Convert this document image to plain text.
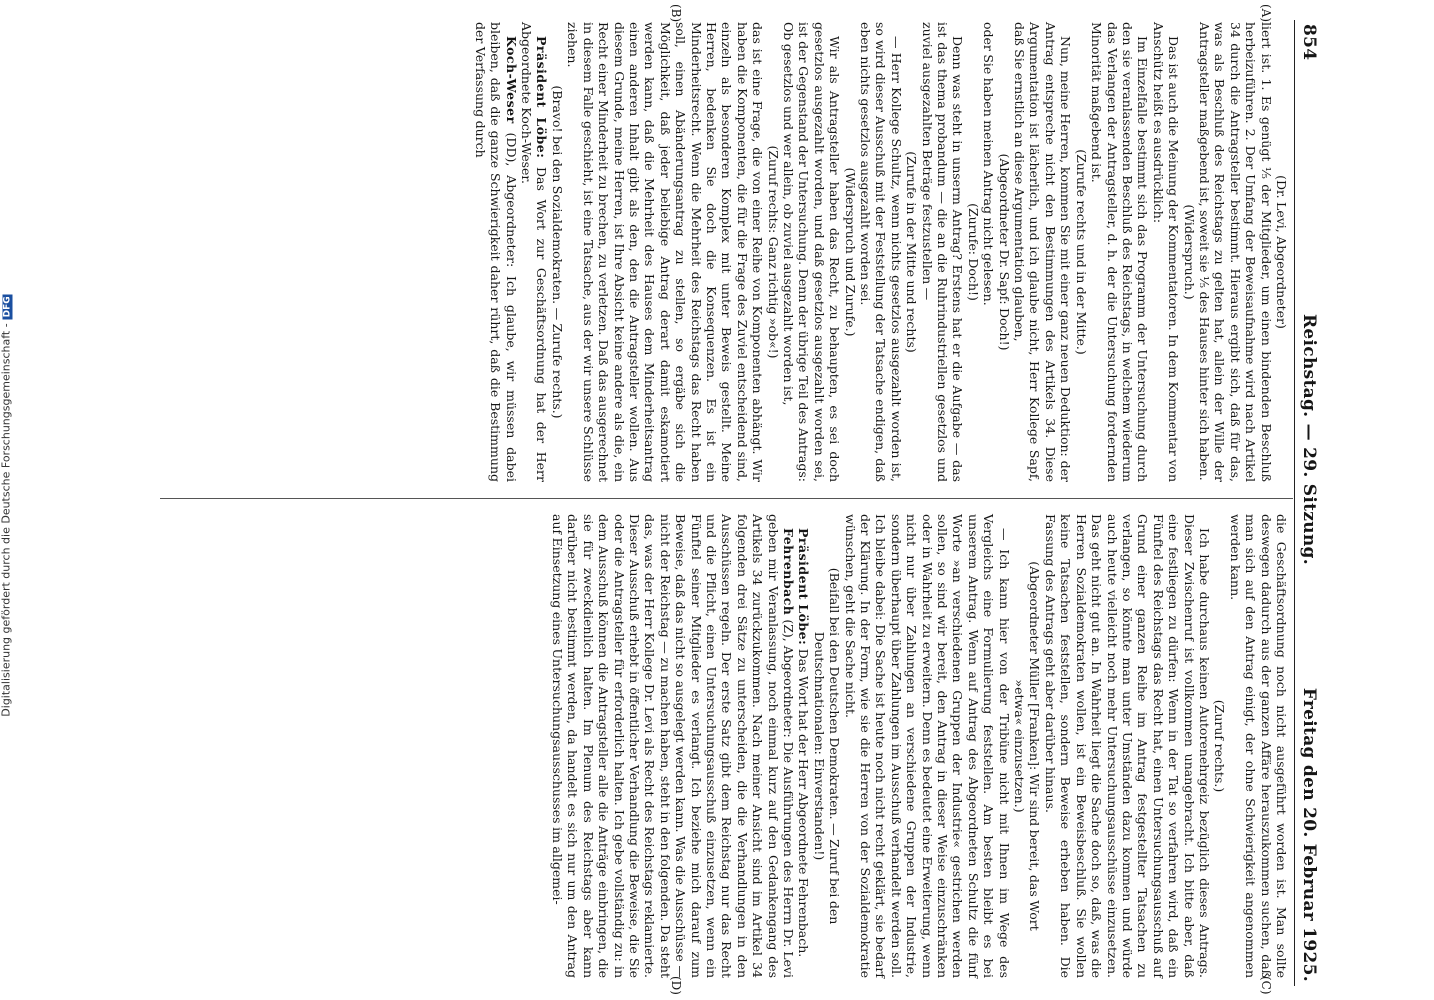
854
Reichstag. — 29. Sitzung.
Freitag den 20. Februar 1925.
(A)
(B)
(C)
(D)

(Dr. Levi, Abgeordneter)

liert ist. 1. Es genügt ⅕ der Mitglieder, um einen bindenden Beschluß herbeizuführen. 2. Der Umfang der Beweisaufnahme wird nach Artikel 34 durch die Antragsteller bestimmt. Hieraus ergibt sich, daß für das, was als Beschluß des Reichstags zu gelten hat, allein der Wille der Antragsteller maßgebend ist, soweit sie ⅕ des Hauses hinter sich haben.

(Widerspruch.)

Das ist auch die Meinung der Kommentatoren. In dem Kommentar von Anschütz heißt es ausdrücklich:

Im Einzelfalle bestimmt sich das Programm der Untersuchung durch den sie veranlassenden Beschluß des Reichstags, in welchem wiederum das Verlangen der Antragsteller, d. h. der die Untersuchung fordernden Minorität maßgebend ist.

(Zurufe rechts und in der Mitte.)

Nun, meine Herren, kommen Sie mit einer ganz neuen Deduktion: der Antrag entspreche nicht den Bestimmungen des Artikels 34. Diese Argumentation ist lächerlich, und ich glaube nicht, Herr Kollege Sapf, daß Sie ernstlich an diese Argumentation glauben,

(Abgeordneter Dr. Sapf: Doch!)

oder Sie haben meinen Antrag nicht gelesen.

(Zurufe: Doch!)

Denn was steht in unserm Antrag? Erstens hat er die Aufgabe — das ist das thema probandum — die an die Ruhrindustriellen gesetzlos und zuviel ausgezahlten Beträge festzustellen —

(Zurufe in der Mitte und rechts)

— Herr Kollege Schultz, wenn nichts gesetzlos ausgezahlt worden ist, so wird dieser Ausschuß mit der Feststellung der Tatsache endigen, daß eben nichts gesetzlos ausgezahlt worden sei.

(Widerspruch und Zurufe.)

Wir als Antragsteller haben das Recht, zu behaupten, es sei doch gesetzlos ausgezahlt worden, und daß gesetzlos ausgezahlt worden sei, ist der Gegenstand der Untersuchung. Denn der übrige Teil des Antrags: Ob gesetzlos und wer allein, ob zuviel ausgezahlt worden ist,

(Zuruf rechts: Ganz richtig »ob«!)

das ist eine Frage, die von einer Reihe von Komponenten abhängt. Wir haben die Komponenten, die für die Frage des Zuviel entscheidend sind, einzeln als besonderen Komplex mit unter Beweis gestellt. Meine Herren, bedenken Sie doch die Konsequenzen. Es ist ein Minderheitsrecht. Wenn die Mehrheit des Reichstags das Recht haben soll, einen Abänderungsantrag zu stellen, so ergäbe sich die Möglichkeit, daß jeder beliebige Antrag derart damit eskamotiert werden kann, daß die Mehrheit des Hauses dem Minderheitsantrag einen anderen Inhalt gibt als den, den die Antragsteller wollen. Aus diesem Grunde, meine Herren, ist Ihre Absicht keine andere als die, ein Recht einer Minderheit zu brechen, zu verletzen. Daß das ausgerechnet in diesem Falle geschieht, ist eine Tatsache, aus der wir unsere Schlüsse ziehen.

(Bravo! bei den Sozialdemokraten. — Zurufe rechts.)

Präsident Löbe: Das Wort zur Geschäftsordnung hat der Herr Abgeordnete Koch-Weser.

Koch-Weser (DD), Abgeordneter: Ich glaube, wir müssen dabei bleiben, daß die ganze Schwierigkeit daher rührt, daß die Bestimmung der Verfassung durch

die Geschäftsordnung noch nicht ausgeführt worden ist. Man sollte deswegen dadurch aus der ganzen Affäre herauszukommen suchen, daß man sich auf den Antrag einigt, der ohne Schwierigkeit angenommen werden kann.

(Zuruf rechts.)

Ich habe durchaus keinen Autorenehrgeiz bezüglich dieses Antrags. Dieser Zwischenruf ist vollkommen unangebracht. Ich bitte aber, daß eine festliegen zu dürfen: Wenn in der Tat so verfahren wird, daß ein Fünftel des Reichstags das Recht hat, einen Untersuchungsausschuß auf Grund einer ganzen Reihe im Antrag festgestellter Tatsachen zu verlangen, so könnte man unter Umständen dazu kommen und würde auch heute vielleicht noch mehr Untersuchungsausschüsse einzusetzen. Das geht nicht gut an. In Wahrheit liegt die Sache doch so, daß, was die Herren Sozialdemokraten wollen, ist ein Beweisbeschluß. Sie wollen keine Tatsachen feststellen, sondern Beweise erheben haben. Die Fassung des Antrags geht aber darüber hinaus.

(Abgeordneter Müller [Franken]: Wir sind bereit, das Wort »etwa« einzusetzen.)

— Ich kann hier von der Tribüne nicht mit Ihnen im Wege des Vergleichs eine Formulierung feststellen. Am besten bleibt es bei unserem Antrag. Wenn auf Antrag des Abgeordneten Schultz die fünf Worte »an verschiedenen Gruppen der Industrie« gestrichen werden sollen, so sind wir bereit, den Antrag in dieser Weise einzuschränken oder in Wahrheit zu erweitern. Denn es bedeutet eine Erweiterung, wenn nicht nur über Zahlungen an verschiedene Gruppen der Industrie, sondern überhaupt über Zahlungen im Ausschuß verhandelt werden soll. Ich bleibe dabei: Die Sache ist heute noch nicht recht geklärt, sie bedarf der Klärung. In der Form, wie sie die Herren von der Sozialdemokratie wünschen, geht die Sache nicht.

(Beifall bei den Deutschen Demokraten. — Zuruf bei den Deutschnationalen: Einverstanden!)

Präsident Löbe: Das Wort hat der Herr Abgeordnete Fehrenbach.

Fehrenbach (Z), Abgeordneter: Die Ausführungen des Herrn Dr. Levi geben mir Veranlassung, noch einmal kurz auf den Gedankengang des Artikels 34 zurückzukommen. Nach meiner Ansicht sind im Artikel 34 folgenden drei Sätze zu unterscheiden, die die Verhandlungen in den Ausschüssen regeln. Der erste Satz gibt dem Reichstag nur das Recht und die Pflicht, einen Untersuchungsausschuß einzusetzen, wenn ein Fünftel seiner Mitglieder es verlangt. Ich beziehe mich darauf zum Beweise, daß das nicht so ausgelegt werden kann. Was die Ausschüsse — nicht der Reichstag — zu machen haben, steht in den folgenden. Da steht das, was der Herr Kollege Dr. Levi als Recht des Reichstags reklamierte. Dieser Ausschuß erhebt in öffentlicher Verhandlung die Beweise, die Sie oder die Antragsteller für erforderlich halten. Ich gebe vollständig zu: in dem Ausschuß können die Antragsteller alle die Anträge einbringen, die sie für zweckdienlich halten. Im Plenum des Reichstags aber kann darüber nicht bestimmt werden, da handelt es sich nur um den Antrag auf Einsetzung eines Untersuchungsausschusses im allgemei-

Digitalisierung gefördert durch die Deutsche Forschungsgemeinschaft -DFG
